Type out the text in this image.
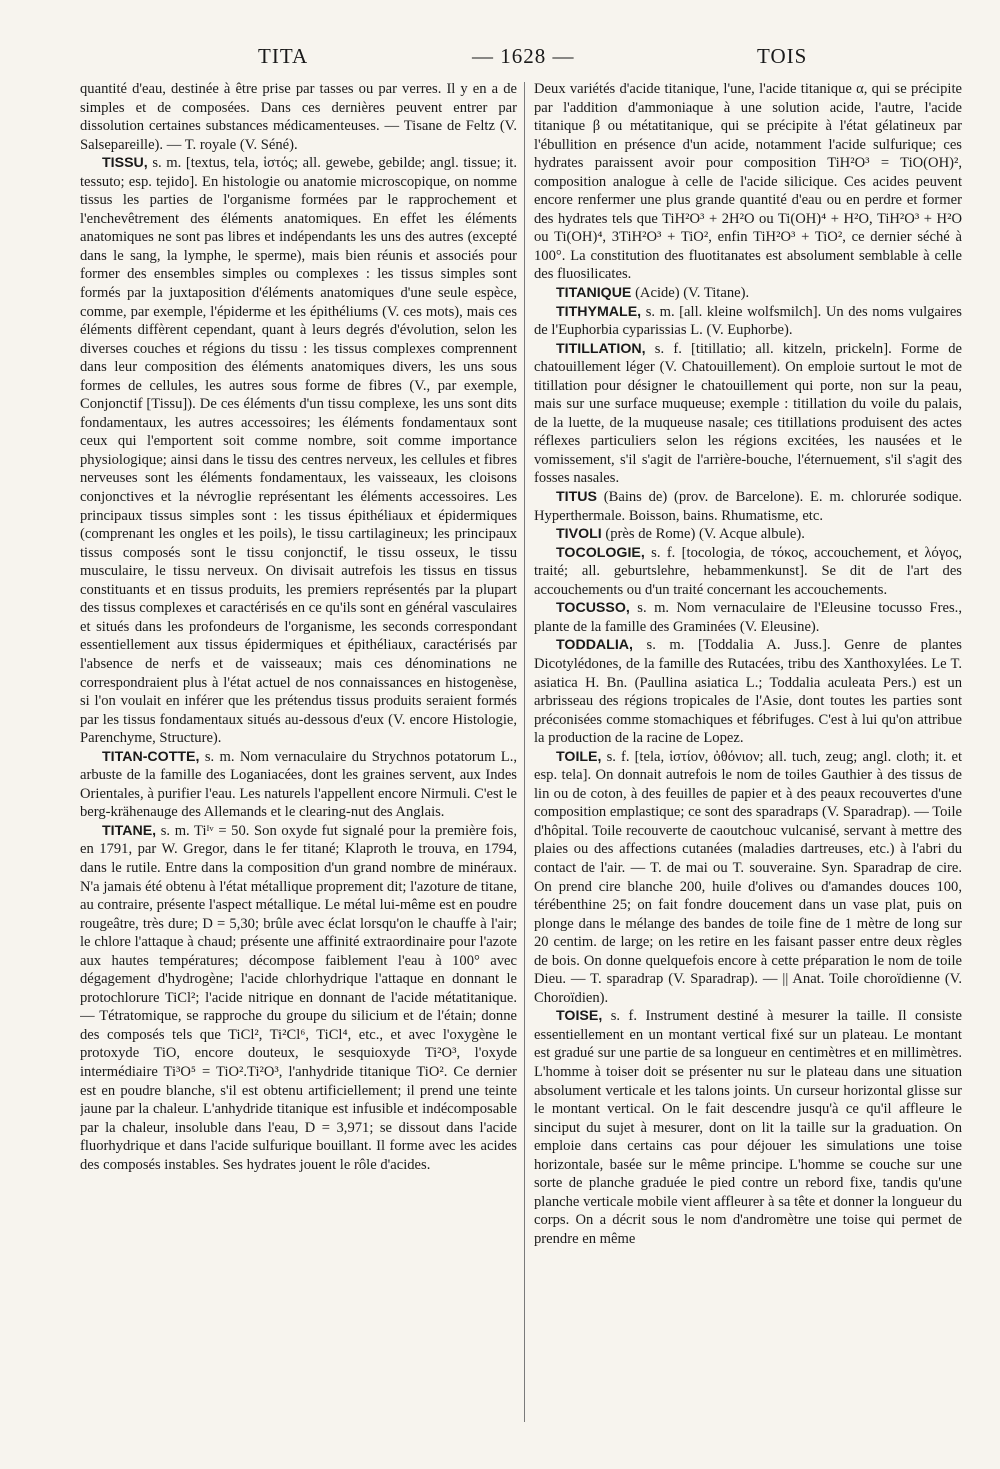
TITA	— 1628 —	TOIS

quantité d'eau, destinée à être prise par tasses ou par verres. Il y en a de simples et de composées. Dans ces dernières peuvent entrer par dissolution certaines substances médicamenteuses. — Tisane de Feltz (V. Salsepareille). — T. royale (V. Séné).

TISSU, s. m. [textus, tela, ἱστός; all. gewebe, gebilde; angl. tissue; it. tessuto; esp. tejido]. En histologie ou anatomie microscopique, on nomme tissus les parties de l'organisme formées par le rapprochement et l'enchevêtrement des éléments anatomiques. En effet les éléments anatomiques ne sont pas libres et indépendants les uns des autres (excepté dans le sang, la lymphe, le sperme), mais bien réunis et associés pour former des ensembles simples ou complexes : les tissus simples sont formés par la juxtaposition d'éléments anatomiques d'une seule espèce, comme, par exemple, l'épiderme et les épithéliums (V. ces mots), mais ces éléments diffèrent cependant, quant à leurs degrés d'évolution, selon les diverses couches et régions du tissu : les tissus complexes comprennent dans leur composition des éléments anatomiques divers, les uns sous formes de cellules, les autres sous forme de fibres (V., par exemple, Conjonctif [Tissu]). De ces éléments d'un tissu complexe, les uns sont dits fondamentaux, les autres accessoires; les éléments fondamentaux sont ceux qui l'emportent soit comme nombre, soit comme importance physiologique; ainsi dans le tissu des centres nerveux, les cellules et fibres nerveuses sont les éléments fondamentaux, les vaisseaux, les cloisons conjonctives et la névroglie représentant les éléments accessoires. Les principaux tissus simples sont : les tissus épithéliaux et épidermiques (comprenant les ongles et les poils), le tissu cartilagineux; les principaux tissus composés sont le tissu conjonctif, le tissu osseux, le tissu musculaire, le tissu nerveux. On divisait autrefois les tissus en tissus constituants et en tissus produits, les premiers représentés par la plupart des tissus complexes et caractérisés en ce qu'ils sont en général vasculaires et situés dans les profondeurs de l'organisme, les seconds correspondant essentiellement aux tissus épidermiques et épithéliaux, caractérisés par l'absence de nerfs et de vaisseaux; mais ces dénominations ne correspondraient plus à l'état actuel de nos connaissances en histogenèse, si l'on voulait en inférer que les prétendus tissus produits seraient formés par les tissus fondamentaux situés au-dessous d'eux (V. encore Histologie, Parenchyme, Structure).

TITAN-COTTE, s. m. Nom vernaculaire du Strychnos potatorum L., arbuste de la famille des Loganiacées, dont les graines servent, aux Indes Orientales, à purifier l'eau. Les naturels l'appellent encore Nirmuli. C'est le berg-krähenauge des Allemands et le clearing-nut des Anglais.

TITANE, s. m. Tiᴵᵛ = 50. Son oxyde fut signalé pour la première fois, en 1791, par W. Gregor, dans le fer titané; Klaproth le trouva, en 1794, dans le rutile. Entre dans la composition d'un grand nombre de minéraux. N'a jamais été obtenu à l'état métallique proprement dit; l'azoture de titane, au contraire, présente l'aspect métallique. Le métal lui-même est en poudre rougeâtre, très dure; D = 5,30; brûle avec éclat lorsqu'on le chauffe à l'air; le chlore l'attaque à chaud; présente une affinité extraordinaire pour l'azote aux hautes températures; décompose faiblement l'eau à 100° avec dégagement d'hydrogène; l'acide chlorhydrique l'attaque en donnant le protochlorure TiCl²; l'acide nitrique en donnant de l'acide métatitanique. — Tétratomique, se rapproche du groupe du silicium et de l'étain; donne des composés tels que TiCl², Ti²Cl⁶, TiCl⁴, etc., et avec l'oxygène le protoxyde TiO, encore douteux, le sesquioxyde Ti²O³, l'oxyde intermédiaire Ti³O⁵ = TiO².Ti²O³, l'anhydride titanique TiO². Ce dernier est en poudre blanche, s'il est obtenu artificiellement; il prend une teinte jaune par la chaleur. L'anhydride titanique est infusible et indécomposable par la chaleur, insoluble dans l'eau, D = 3,971; se dissout dans l'acide fluorhydrique et dans l'acide sulfurique bouillant. Il forme avec les acides des composés instables. Ses hydrates jouent le rôle d'acides.

Deux variétés d'acide titanique, l'une, l'acide titanique α, qui se précipite par l'addition d'ammoniaque à une solution acide, l'autre, l'acide titanique β ou métatitanique, qui se précipite à l'état gélatineux par l'ébullition en présence d'un acide, notamment l'acide sulfurique; ces hydrates paraissent avoir pour composition TiH²O³ = TiO(OH)², composition analogue à celle de l'acide silicique. Ces acides peuvent encore renfermer une plus grande quantité d'eau ou en perdre et former des hydrates tels que TiH²O³ + 2H²O ou Ti(OH)⁴ + H²O, TiH²O³ + H²O ou Ti(OH)⁴, 3TiH²O³ + TiO², enfin TiH²O³ + TiO², ce dernier séché à 100°. La constitution des fluotitanates est absolument semblable à celle des fluosilicates.

TITANIQUE (Acide) (V. Titane).

TITHYMALE, s. m. [all. kleine wolfsmilch]. Un des noms vulgaires de l'Euphorbia cyparissias L. (V. Euphorbe).

TITILLATION, s. f. [titillatio; all. kitzeln, prickeln]. Forme de chatouillement léger (V. Chatouillement). On emploie surtout le mot de titillation pour désigner le chatouillement qui porte, non sur la peau, mais sur une surface muqueuse; exemple : titillation du voile du palais, de la luette, de la muqueuse nasale; ces titillations produisent des actes réflexes particuliers selon les régions excitées, les nausées et le vomissement, s'il s'agit de l'arrière-bouche, l'éternuement, s'il s'agit des fosses nasales.

TITUS (Bains de) (prov. de Barcelone). E. m. chlorurée sodique. Hyperthermale. Boisson, bains. Rhumatisme, etc.

TIVOLI (près de Rome) (V. Acque albule).

TOCOLOGIE, s. f. [tocologia, de τόκος, accouchement, et λόγος, traité; all. geburtslehre, hebammenkunst]. Se dit de l'art des accouchements ou d'un traité concernant les accouchements.

TOCUSSO, s. m. Nom vernaculaire de l'Eleusine tocusso Fres., plante de la famille des Graminées (V. Eleusine).

TODDALIA, s. m. [Toddalia A. Juss.]. Genre de plantes Dicotylédones, de la famille des Rutacées, tribu des Xanthoxylées. Le T. asiatica H. Bn. (Paullina asiatica L.; Toddalia aculeata Pers.) est un arbrisseau des régions tropicales de l'Asie, dont toutes les parties sont préconisées comme stomachiques et fébrifuges. C'est à lui qu'on attribue la production de la racine de Lopez.

TOILE, s. f. [tela, ἱστίον, ὀθόνιον; all. tuch, zeug; angl. cloth; it. et esp. tela]. On donnait autrefois le nom de toiles Gauthier à des tissus de lin ou de coton, à des feuilles de papier et à des peaux recouvertes d'une composition emplastique; ce sont des sparadraps (V. Sparadrap). — Toile d'hôpital. Toile recouverte de caoutchouc vulcanisé, servant à mettre des plaies ou des affections cutanées (maladies dartreuses, etc.) à l'abri du contact de l'air. — T. de mai ou T. souveraine. Syn. Sparadrap de cire. On prend cire blanche 200, huile d'olives ou d'amandes douces 100, térébenthine 25; on fait fondre doucement dans un vase plat, puis on plonge dans le mélange des bandes de toile fine de 1 mètre de long sur 20 centim. de large; on les retire en les faisant passer entre deux règles de bois. On donne quelquefois encore à cette préparation le nom de toile Dieu. — T. sparadrap (V. Sparadrap). — || Anat. Toile choroïdienne (V. Choroïdien).

TOISE, s. f. Instrument destiné à mesurer la taille. Il consiste essentiellement en un montant vertical fixé sur un plateau. Le montant est gradué sur une partie de sa longueur en centimètres et en millimètres. L'homme à toiser doit se présenter nu sur le plateau dans une situation absolument verticale et les talons joints. Un curseur horizontal glisse sur le montant vertical. On le fait descendre jusqu'à ce qu'il affleure le sinciput du sujet à mesurer, dont on lit la taille sur la graduation. On emploie dans certains cas pour déjouer les simulations une toise horizontale, basée sur le même principe. L'homme se couche sur une sorte de planche graduée le pied contre un rebord fixe, tandis qu'une planche verticale mobile vient affleurer à sa tête et donner la longueur du corps. On a décrit sous le nom d'andromètre une toise qui permet de prendre en même
